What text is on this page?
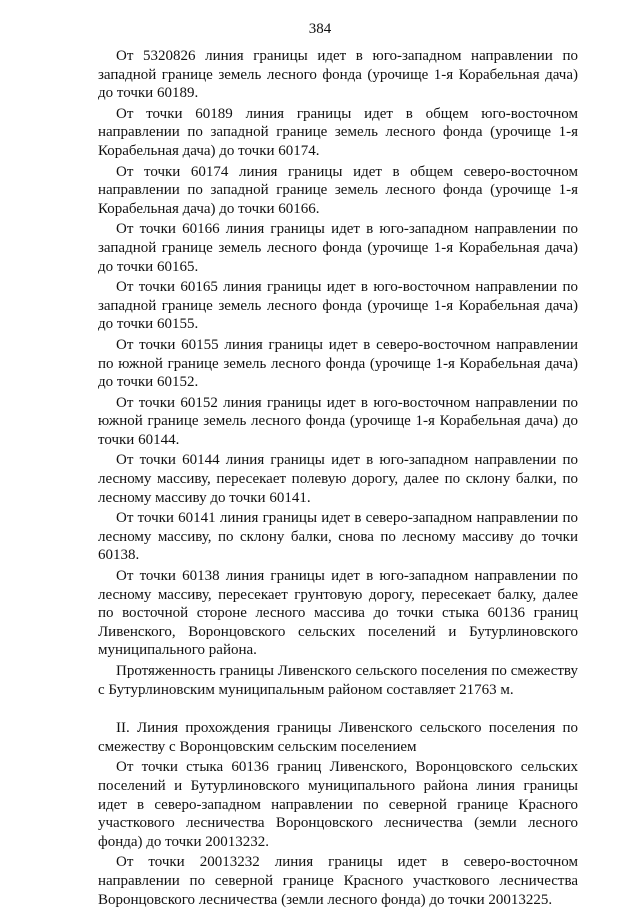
384

От 5320826 линия границы идет в юго-западном направлении по западной границе земель лесного фонда (урочище 1-я Корабельная дача) до точки 60189.

От точки 60189 линия границы идет в общем юго-восточном направлении по западной границе земель лесного фонда (урочище 1-я Корабельная дача) до точки 60174.

От точки 60174 линия границы идет в общем северо-восточном направлении по западной границе земель лесного фонда (урочище 1-я Корабельная дача) до точки 60166.

От точки 60166 линия границы идет в юго-западном направлении по западной границе земель лесного фонда (урочище 1-я Корабельная дача) до точки 60165.

От точки 60165 линия границы идет в юго-восточном направлении по западной границе земель лесного фонда (урочище 1-я Корабельная дача) до точки 60155.

От точки 60155 линия границы идет в северо-восточном направлении по южной границе земель лесного фонда (урочище 1-я Корабельная дача) до точки 60152.

От точки 60152 линия границы идет в юго-восточном направлении по южной границе земель лесного фонда (урочище 1-я Корабельная дача) до точки 60144.

От точки 60144 линия границы идет в юго-западном направлении по лесному массиву, пересекает полевую дорогу, далее по склону балки, по лесному массиву до точки 60141.

От точки 60141 линия границы идет в северо-западном направлении по лесному массиву, по склону балки, снова по лесному массиву до точки 60138.

От точки 60138 линия границы идет в юго-западном направлении по лесному массиву, пересекает грунтовую дорогу, пересекает балку, далее по восточной стороне лесного массива до точки стыка 60136 границ Ливенского, Воронцовского сельских поселений и Бутурлиновского муниципального района.

Протяженность границы Ливенского сельского поселения по смежеству с Бутурлиновским муниципальным районом составляет 21763 м.

II. Линия прохождения границы Ливенского сельского поселения по смежеству с Воронцовским сельским поселением

От точки стыка 60136 границ Ливенского, Воронцовского сельских поселений и Бутурлиновского муниципального района линия границы идет в северо-западном направлении по северной границе Красного участкового лесничества Воронцовского лесничества (земли лесного фонда) до точки 20013232.

От точки 20013232 линия границы идет в северо-восточном направлении по северной границе Красного участкового лесничества Воронцовского лесничества (земли лесного фонда) до точки 20013225.
